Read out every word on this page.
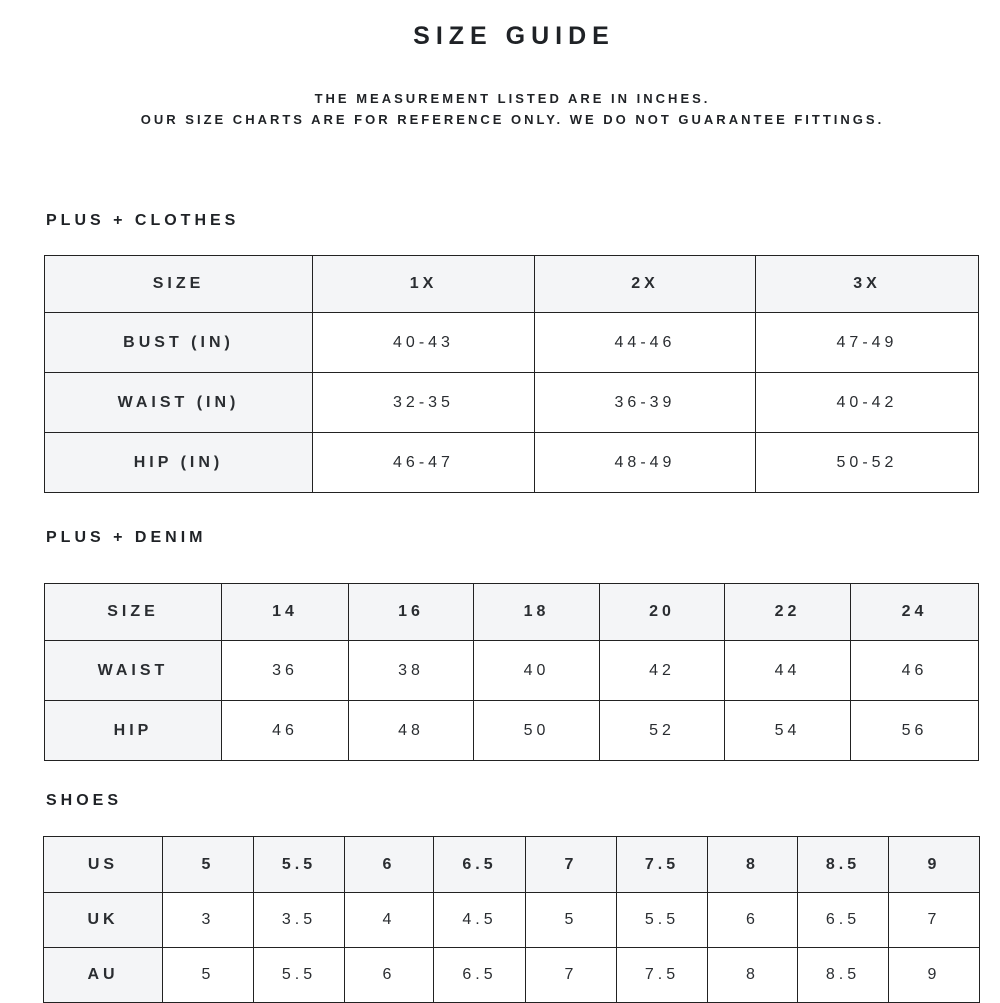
SIZE GUIDE
THE MEASUREMENT LISTED ARE IN INCHES.
OUR SIZE CHARTS ARE FOR REFERENCE ONLY. WE DO NOT GUARANTEE FITTINGS.
PLUS + CLOTHES
SIZE	1X	2X	3X
BUST (IN)	40-43	44-46	47-49
WAIST (IN)	32-35	36-39	40-42
HIP (IN)	46-47	48-49	50-52
PLUS + DENIM
SIZE	14	16	18	20	22	24
WAIST	36	38	40	42	44	46
HIP	46	48	50	52	54	56
SHOES
US	5	5.5	6	6.5	7	7.5	8	8.5	9
UK	3	3.5	4	4.5	5	5.5	6	6.5	7
AU	5	5.5	6	6.5	7	7.5	8	8.5	9
